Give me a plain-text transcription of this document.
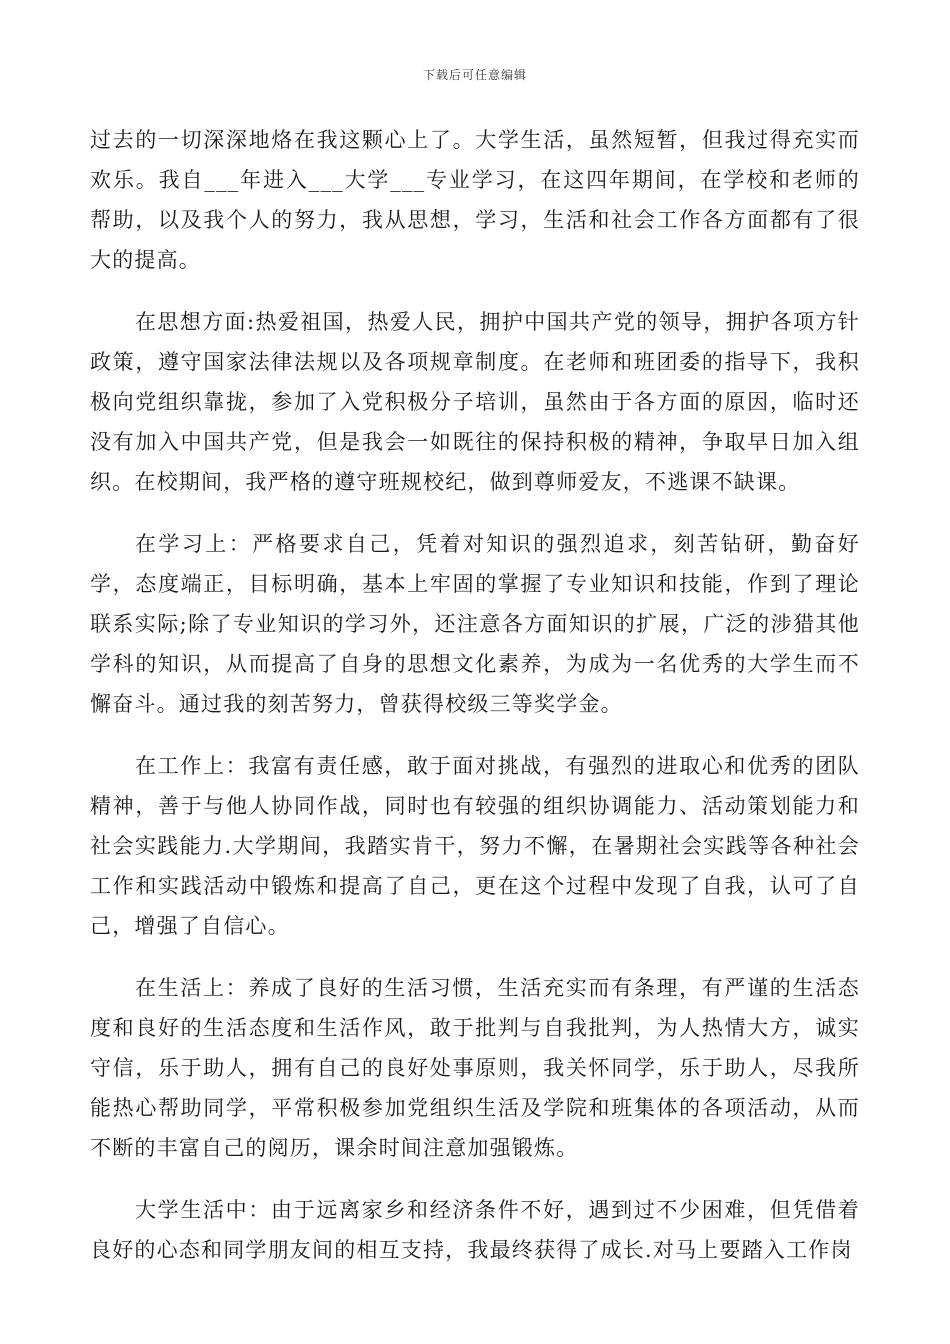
下载后可任意编辑

过去的一切深深地烙在我这颗心上了。大学生活，虽然短暂，但我过得充实而欢乐。我自___年进入___大学___专业学习，在这四年期间，在学校和老师的帮助，以及我个人的努力，我从思想，学习，生活和社会工作各方面都有了很大的提高。

在思想方面:热爱祖国，热爱人民，拥护中国共产党的领导，拥护各项方针政策，遵守国家法律法规以及各项规章制度。在老师和班团委的指导下，我积极向党组织靠拢，参加了入党积极分子培训，虽然由于各方面的原因，临时还没有加入中国共产党，但是我会一如既往的保持积极的精神，争取早日加入组织。在校期间，我严格的遵守班规校纪，做到尊师爱友，不逃课不缺课。

在学习上：严格要求自己，凭着对知识的强烈追求，刻苦钻研，勤奋好学，态度端正，目标明确，基本上牢固的掌握了专业知识和技能，作到了理论联系实际;除了专业知识的学习外，还注意各方面知识的扩展，广泛的涉猎其他学科的知识，从而提高了自身的思想文化素养，为成为一名优秀的大学生而不懈奋斗。通过我的刻苦努力，曾获得校级三等奖学金。

在工作上：我富有责任感，敢于面对挑战，有强烈的进取心和优秀的团队精神，善于与他人协同作战，同时也有较强的组织协调能力、活动策划能力和社会实践能力.大学期间，我踏实肯干，努力不懈，在暑期社会实践等各种社会工作和实践活动中锻炼和提高了自己，更在这个过程中发现了自我，认可了自己，增强了自信心。

在生活上：养成了良好的生活习惯，生活充实而有条理，有严谨的生活态度和良好的生活态度和生活作风，敢于批判与自我批判，为人热情大方，诚实守信，乐于助人，拥有自己的良好处事原则，我关怀同学，乐于助人，尽我所能热心帮助同学，平常积极参加党组织生活及学院和班集体的各项活动，从而不断的丰富自己的阅历，课余时间注意加强锻炼。

大学生活中：由于远离家乡和经济条件不好，遇到过不少困难，但凭借着良好的心态和同学朋友间的相互支持，我最终获得了成长.对马上要踏入工作岗
